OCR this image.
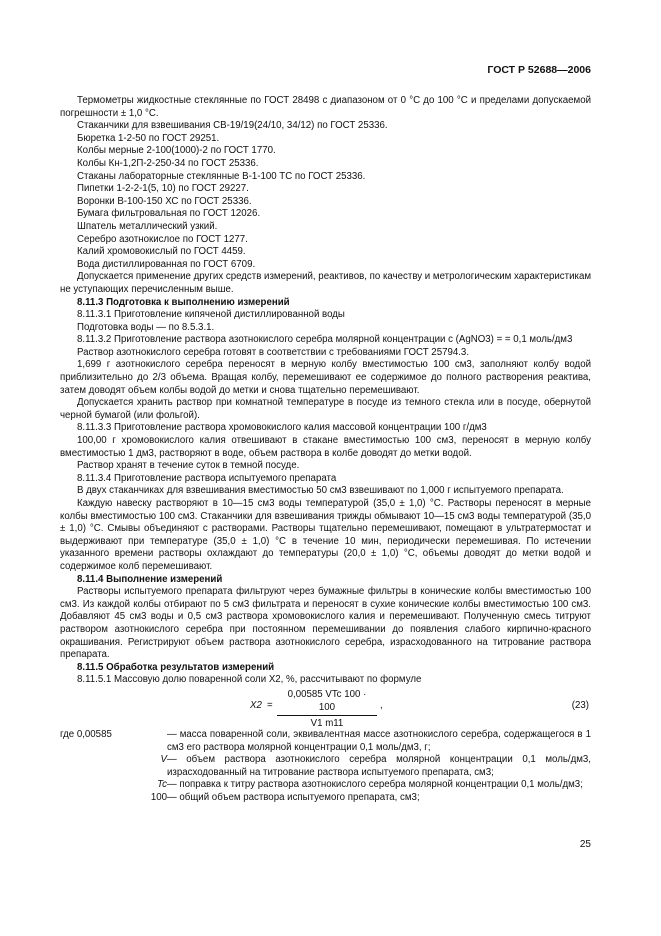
ГОСТ Р 52688—2006

Термометры жидкостные стеклянные по ГОСТ 28498 с диапазоном от 0 °С до 100 °С и пределами допускаемой погрешности ± 1,0 °С.

Стаканчики для взвешивания СВ-19/19(24/10, 34/12) по ГОСТ 25336.

Бюретка 1-2-50 по ГОСТ 29251.

Колбы мерные 2-100(1000)-2 по ГОСТ 1770.

Колбы Кн-1,2П-2-250-34 по ГОСТ 25336.

Стаканы лабораторные стеклянные В-1-100 ТС по ГОСТ 25336.

Пипетки 1-2-2-1(5, 10) по ГОСТ 29227.

Воронки В-100-150 ХС по ГОСТ 25336.

Бумага фильтровальная по ГОСТ 12026.

Шпатель металлический узкий.

Серебро азотнокислое по ГОСТ 1277.

Калий хромовокислый по ГОСТ 4459.

Вода дистиллированная по ГОСТ 6709.

Допускается применение других средств измерений, реактивов, по качеству и метрологическим характеристикам не уступающих перечисленным выше.

8.11.3 Подготовка к выполнению измерений

8.11.3.1 Приготовление кипяченой дистиллированной воды

Подготовка воды — по 8.5.3.1.

8.11.3.2 Приготовление раствора азотнокислого серебра молярной концентрации c (AgNO3) = = 0,1 моль/дм3

Раствор азотнокислого серебра готовят в соответствии с требованиями ГОСТ 25794.3.

1,699 г азотнокислого серебра переносят в мерную колбу вместимостью 100 см3, заполняют колбу водой приблизительно до 2/3 объема. Вращая колбу, перемешивают ее содержимое до полного растворения реактива, затем доводят объем колбы водой до метки и снова тщательно перемешивают.

Допускается хранить раствор при комнатной температуре в посуде из темного стекла или в посуде, обернутой черной бумагой (или фольгой).

8.11.3.3 Приготовление раствора хромовокислого калия массовой концентрации 100 г/дм3

100,00 г хромовокислого калия отвешивают в стакане вместимостью 100 см3, переносят в мерную колбу вместимостью 1 дм3, растворяют в воде, объем раствора в колбе доводят до метки водой.

Раствор хранят в течение суток в темной посуде.

8.11.3.4 Приготовление раствора испытуемого препарата

В двух стаканчиках для взвешивания вместимостью 50 см3 взвешивают по 1,000 г испытуемого препарата.

Каждую навеску растворяют в 10—15 см3 воды температурой (35,0 ± 1,0) °С. Растворы переносят в мерные колбы вместимостью 100 см3. Стаканчики для взвешивания трижды обмывают 10—15 см3 воды температурой (35,0 ± 1,0) °С. Смывы объединяют с растворами. Растворы тщательно перемешивают, помещают в ультратермостат и выдерживают при температуре (35,0 ± 1,0) °С в течение 10 мин, периодически перемешивая. По истечении указанного времени растворы охлаждают до температуры (20,0 ± 1,0) °С, объемы доводят до метки водой и содержимое колб перемешивают.

8.11.4 Выполнение измерений

Растворы испытуемого препарата фильтруют через бумажные фильтры в конические колбы вместимостью 100 см3. Из каждой колбы отбирают по 5 см3 фильтрата и переносят в сухие конические колбы вместимостью 100 см3. Добавляют 45 см3 воды и 0,5 см3 раствора хромовокислого калия и перемешивают. Полученную смесь титруют раствором азотнокислого серебра при постоянном перемешивании до появления слабого кирпично-красного окрашивания. Регистрируют объем раствора азотнокислого серебра, израсходованного на титрование раствора препарата.

8.11.5 Обработка результатов измерений

8.11.5.1 Массовую долю поваренной соли X2, %, рассчитывают по формуле

X2 =
0,00585 VTc 100 · 100
V1 m11
,	(23)
где 0,00585	— масса поваренной соли, эквивалентная массе азотнокислого серебра, содержащегося в 1 см3 его раствора молярной концентрации 0,1 моль/дм3, г;
V — объем раствора азотнокислого серебра молярной концентрации 0,1 моль/дм3, израсходованный на титрование раствора испытуемого препарата, см3;
Tc — поправка к титру раствора азотнокислого серебра молярной концентрации 0,1 моль/дм3;
100 — общий объем раствора испытуемого препарата, см3;
25
